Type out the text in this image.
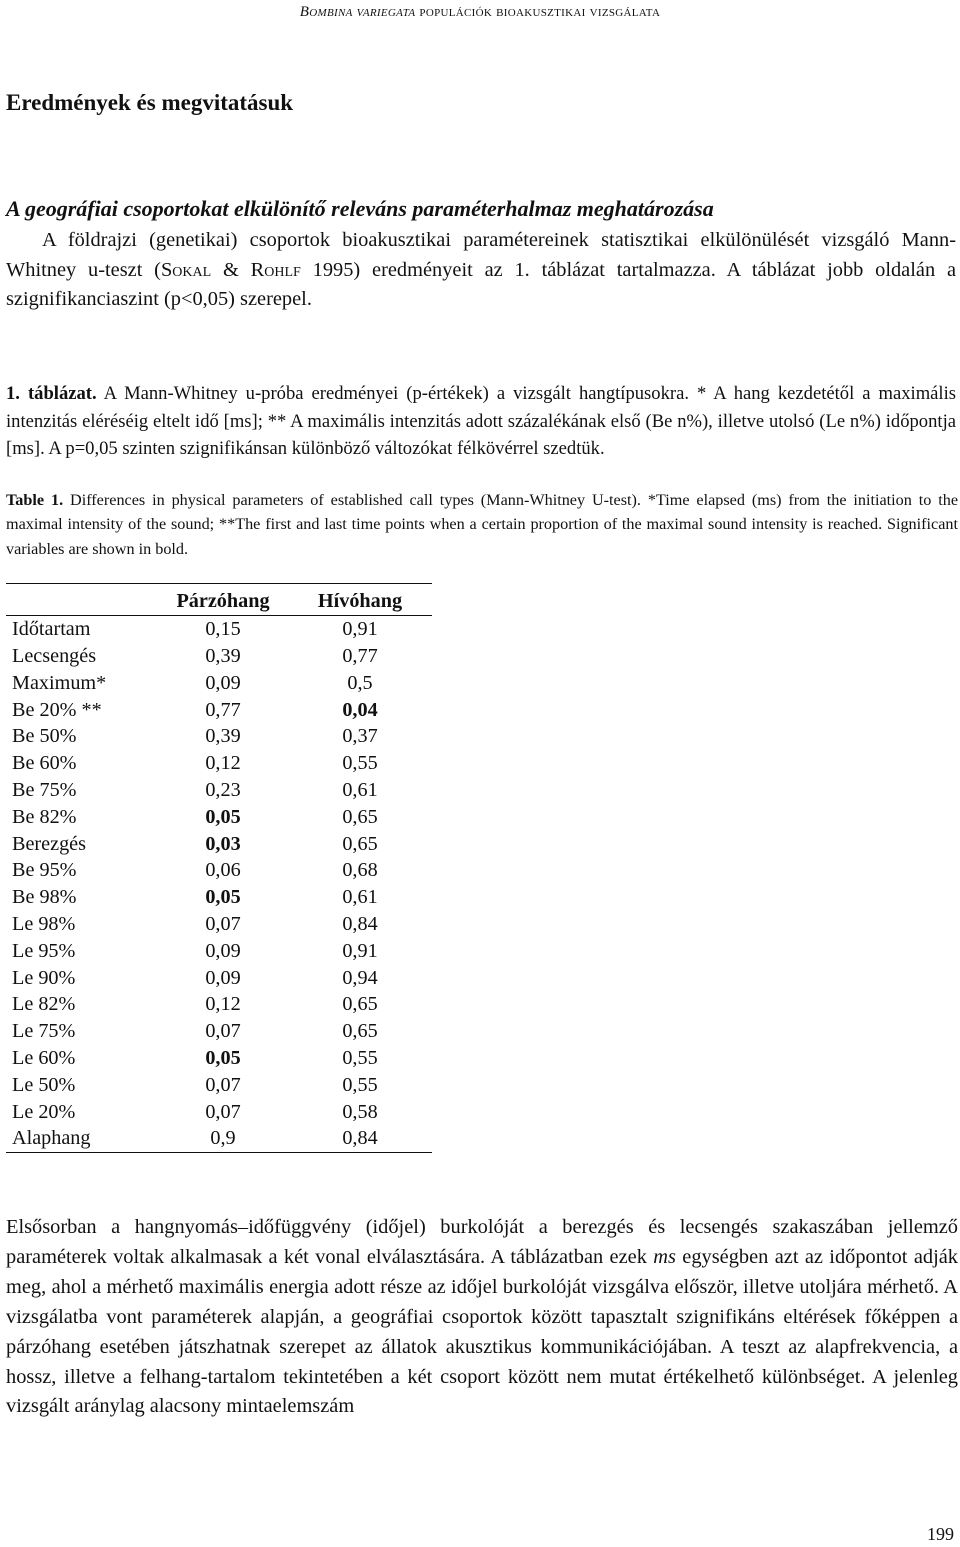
Bombina variegata populációk bioakusztikai vizsgálata
Eredmények és megvitatásuk

A geográfiai csoportokat elkülönítő releváns paraméterhalmaz meghatározása

A földrajzi (genetikai) csoportok bioakusztikai paramétereinek statisztikai elkülönülését vizsgáló Mann-Whitney u-teszt (Sokal & Rohlf 1995) eredményeit az 1. táblázat tartalmazza. A táblázat jobb oldalán a szignifikanciaszint (p<0,05) szerepel.

1. táblázat. A Mann-Whitney u-próba eredményei (p-értékek) a vizsgált hangtípusokra. * A hang kezdetétől a maximális intenzitás eléréséig eltelt idő [ms]; ** A maximális intenzitás adott százalékának első (Be n%), illetve utolsó (Le n%) időpontja [ms]. A p=0,05 szinten szignifikánsan különböző változókat félkövérrel szedtük.

Table 1. Differences in physical parameters of established call types (Mann-Whitney U-test). *Time elapsed (ms) from the initiation to the maximal intensity of the sound; **The first and last time points when a certain proportion of the maximal sound intensity is reached. Significant variables are shown in bold.

	Párzóhang	Hívóhang
Időtartam	0,15	0,91
Lecsengés	0,39	0,77
Maximum*	0,09	0,5
Be 20% **	0,77	0,04
Be 50%	0,39	0,37
Be 60%	0,12	0,55
Be 75%	0,23	0,61
Be 82%	0,05	0,65
Berezgés	0,03	0,65
Be 95%	0,06	0,68
Be 98%	0,05	0,61
Le 98%	0,07	0,84
Le 95%	0,09	0,91
Le 90%	0,09	0,94
Le 82%	0,12	0,65
Le 75%	0,07	0,65
Le 60%	0,05	0,55
Le 50%	0,07	0,55
Le 20%	0,07	0,58
Alaphang	0,9	0,84

Elsősorban a hangnyomás–időfüggvény (időjel) burkolóját a berezgés és lecsengés szakaszában jellemző paraméterek voltak alkalmasak a két vonal elválasztására. A táblázatban ezek ms egységben azt az időpontot adják meg, ahol a mérhető maximális energia adott része az időjel burkolóját vizsgálva először, illetve utoljára mérhető. A vizsgálatba vont paraméterek alapján, a geográfiai csoportok között tapasztalt szignifikáns eltérések főképpen a párzóhang esetében játszhatnak szerepet az állatok akusztikus kommunikációjában. A teszt az alapfrekvencia, a hossz, illetve a felhang-tartalom tekintetében a két csoport között nem mutat értékelhető különbséget. A jelenleg vizsgált aránylag alacsony mintaelemszám

199
